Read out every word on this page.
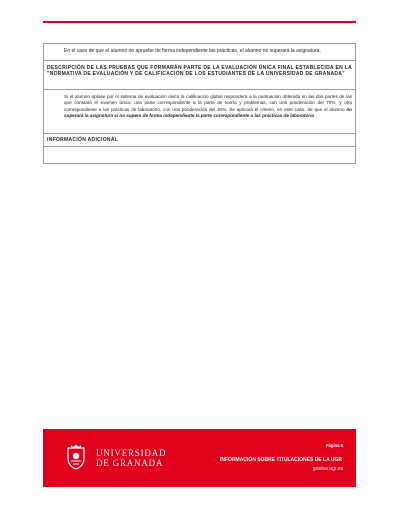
En el caso de que el alumno no apruebe de forma independiente las prácticas, el alumno no superará la asignatura.
DESCRIPCIÓN DE LAS PRUEBAS QUE FORMARÁN PARTE DE LA EVALUACIÓN ÚNICA FINAL ESTABLECIDA EN LA "NORMATIVA DE EVALUACIÓN Y DE CALIFICACIÓN DE LOS ESTUDIANTES DE LA UNIVERSIDAD DE GRANADA"
Si el alumno optase por el sistema de evaluación única la calificación global responderá a la puntuación obtenida en las dos partes de las que constará el examen único: una parte correspondiente a la parte de teoría y problemas, con una ponderación del 70%, y otra correspondiente a las prácticas de laboratorio, con una ponderación del 30%. Se aplicará el criterio, en este caso, de que el alumno no superará la asignatura si no supera de forma independiente la parte correspondiente a las prácticas de laboratorio.
INFORMACIÓN ADICIONAL
UNIVERSIDAD
DE GRANADA
Página 5
INFORMACIÓN SOBRE TITULACIONES DE LA UGR
grados.ugr.es
